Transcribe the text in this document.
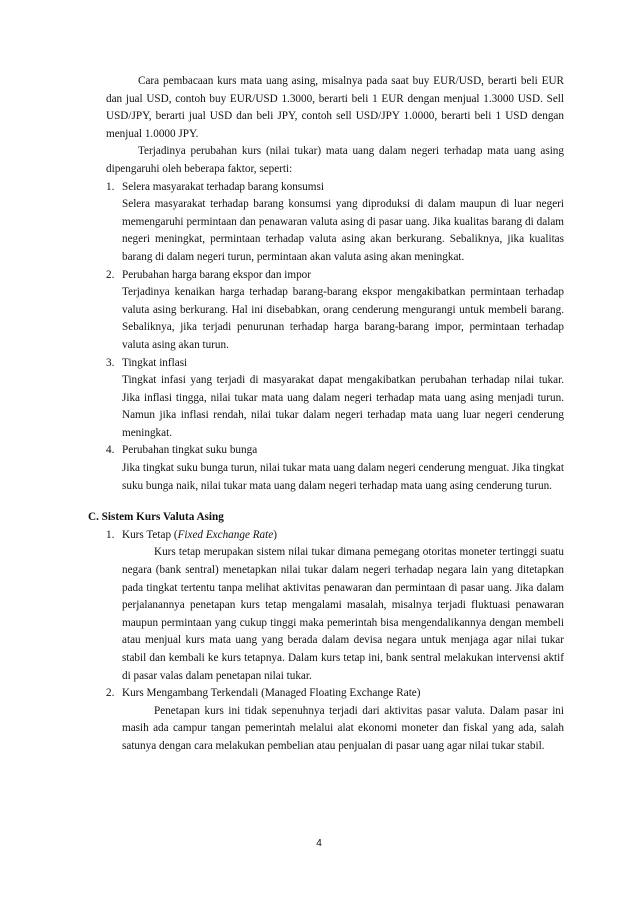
Cara pembacaan kurs mata uang asing, misalnya pada saat buy EUR/USD, berarti beli EUR dan jual USD, contoh buy EUR/USD 1.3000, berarti beli 1 EUR dengan menjual 1.3000 USD. Sell USD/JPY, berarti jual USD dan beli JPY, contoh sell USD/JPY 1.0000, berarti beli 1 USD dengan menjual 1.0000 JPY.

Terjadinya perubahan kurs (nilai tukar) mata uang dalam negeri terhadap mata uang asing dipengaruhi oleh beberapa faktor, seperti:

1. Selera masyarakat terhadap barang konsumsi

Selera masyarakat terhadap barang konsumsi yang diproduksi di dalam maupun di luar negeri memengaruhi permintaan dan penawaran valuta asing di pasar uang. Jika kualitas barang di dalam negeri meningkat, permintaan terhadap valuta asing akan berkurang. Sebaliknya, jika kualitas barang di dalam negeri turun, permintaan akan valuta asing akan meningkat.

2. Perubahan harga barang ekspor dan impor

Terjadinya kenaikan harga terhadap barang-barang ekspor mengakibatkan permintaan terhadap valuta asing berkurang. Hal ini disebabkan, orang cenderung mengurangi untuk membeli barang. Sebaliknya, jika terjadi penurunan terhadap harga barang-barang impor, permintaan terhadap valuta asing akan turun.

3. Tingkat inflasi

Tingkat infasi yang terjadi di masyarakat dapat mengakibatkan perubahan terhadap nilai tukar. Jika inflasi tingga, nilai tukar mata uang dalam negeri terhadap mata uang asing menjadi turun. Namun jika inflasi rendah, nilai tukar dalam negeri terhadap mata uang luar negeri cenderung meningkat.

4. Perubahan tingkat suku bunga

Jika tingkat suku bunga turun, nilai tukar mata uang dalam negeri cenderung menguat. Jika tingkat suku bunga naik, nilai tukar mata uang dalam negeri terhadap mata uang asing cenderung turun.

C. Sistem Kurs Valuta Asing

1. Kurs Tetap (Fixed Exchange Rate)

Kurs tetap merupakan sistem nilai tukar dimana pemegang otoritas moneter tertinggi suatu negara (bank sentral) menetapkan nilai tukar dalam negeri terhadap negara lain yang ditetapkan pada tingkat tertentu tanpa melihat aktivitas penawaran dan permintaan di pasar uang. Jika dalam perjalanannya penetapan kurs tetap mengalami masalah, misalnya terjadi fluktuasi penawaran maupun permintaan yang cukup tinggi maka pemerintah bisa mengendalikannya dengan membeli atau menjual kurs mata uang yang berada dalam devisa negara untuk menjaga agar nilai tukar stabil dan kembali ke kurs tetapnya. Dalam kurs tetap ini, bank sentral melakukan intervensi aktif di pasar valas dalam penetapan nilai tukar.

2. Kurs Mengambang Terkendali (Managed Floating Exchange Rate)

Penetapan kurs ini tidak sepenuhnya terjadi dari aktivitas pasar valuta. Dalam pasar ini masih ada campur tangan pemerintah melalui alat ekonomi moneter dan fiskal yang ada, salah satunya dengan cara melakukan pembelian atau penjualan di pasar uang agar nilai tukar stabil.

4
